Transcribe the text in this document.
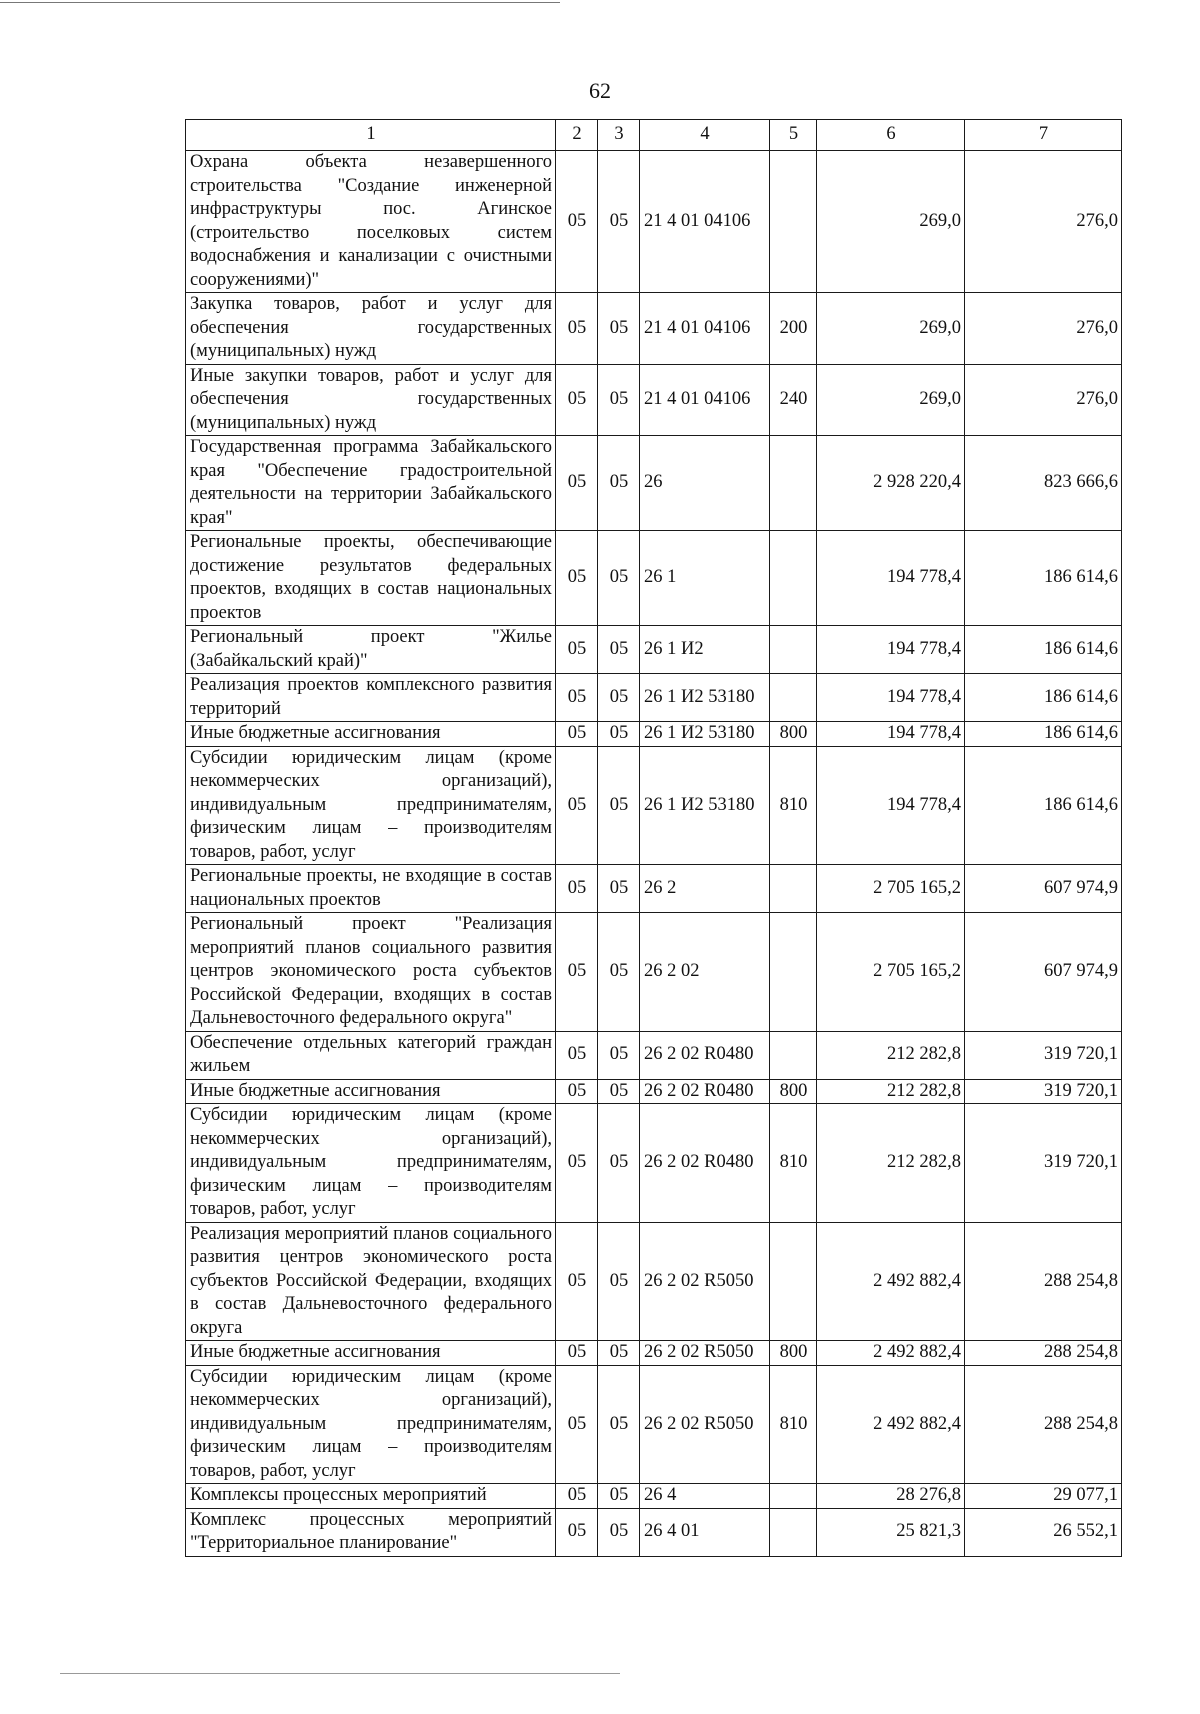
62
1	2	3	4	5	6	7
Охрана объекта незавершенного строительства "Создание инженерной инфраструктуры пос. Агинское (строительство поселковых систем водоснабжения и канализации с очистными сооружениями)"	05	05	21 4 01 04106		269,0	276,0
Закупка товаров, работ и услуг для обеспечения государственных (муниципальных) нужд	05	05	21 4 01 04106	200	269,0	276,0
Иные закупки товаров, работ и услуг для обеспечения государственных (муниципальных) нужд	05	05	21 4 01 04106	240	269,0	276,0
Государственная программа Забайкальского края "Обеспечение градостроительной деятельности на территории Забайкальского края"	05	05	26		2 928 220,4	823 666,6
Региональные проекты, обеспечивающие достижение результатов федеральных проектов, входящих в состав национальных проектов	05	05	26 1		194 778,4	186 614,6
Региональный проект "Жилье (Забайкальский край)"	05	05	26 1 И2		194 778,4	186 614,6
Реализация проектов комплексного развития территорий	05	05	26 1 И2 53180		194 778,4	186 614,6
Иные бюджетные ассигнования	05	05	26 1 И2 53180	800	194 778,4	186 614,6
Субсидии юридическим лицам (кроме некоммерческих организаций), индивидуальным предпринимателям, физическим лицам – производителям товаров, работ, услуг	05	05	26 1 И2 53180	810	194 778,4	186 614,6
Региональные проекты, не входящие в состав национальных проектов	05	05	26 2		2 705 165,2	607 974,9
Региональный проект "Реализация мероприятий планов социального развития центров экономического роста субъектов Российской Федерации, входящих в состав Дальневосточного федерального округа"	05	05	26 2 02		2 705 165,2	607 974,9
Обеспечение отдельных категорий граждан жильем	05	05	26 2 02 R0480		212 282,8	319 720,1
Иные бюджетные ассигнования	05	05	26 2 02 R0480	800	212 282,8	319 720,1
Субсидии юридическим лицам (кроме некоммерческих организаций), индивидуальным предпринимателям, физическим лицам – производителям товаров, работ, услуг	05	05	26 2 02 R0480	810	212 282,8	319 720,1
Реализация мероприятий планов социального развития центров экономического роста субъектов Российской Федерации, входящих в состав Дальневосточного федерального округа	05	05	26 2 02 R5050		2 492 882,4	288 254,8
Иные бюджетные ассигнования	05	05	26 2 02 R5050	800	2 492 882,4	288 254,8
Субсидии юридическим лицам (кроме некоммерческих организаций), индивидуальным предпринимателям, физическим лицам – производителям товаров, работ, услуг	05	05	26 2 02 R5050	810	2 492 882,4	288 254,8
Комплексы процессных мероприятий	05	05	26 4		28 276,8	29 077,1
Комплекс процессных мероприятий "Территориальное планирование"	05	05	26 4 01		25 821,3	26 552,1
